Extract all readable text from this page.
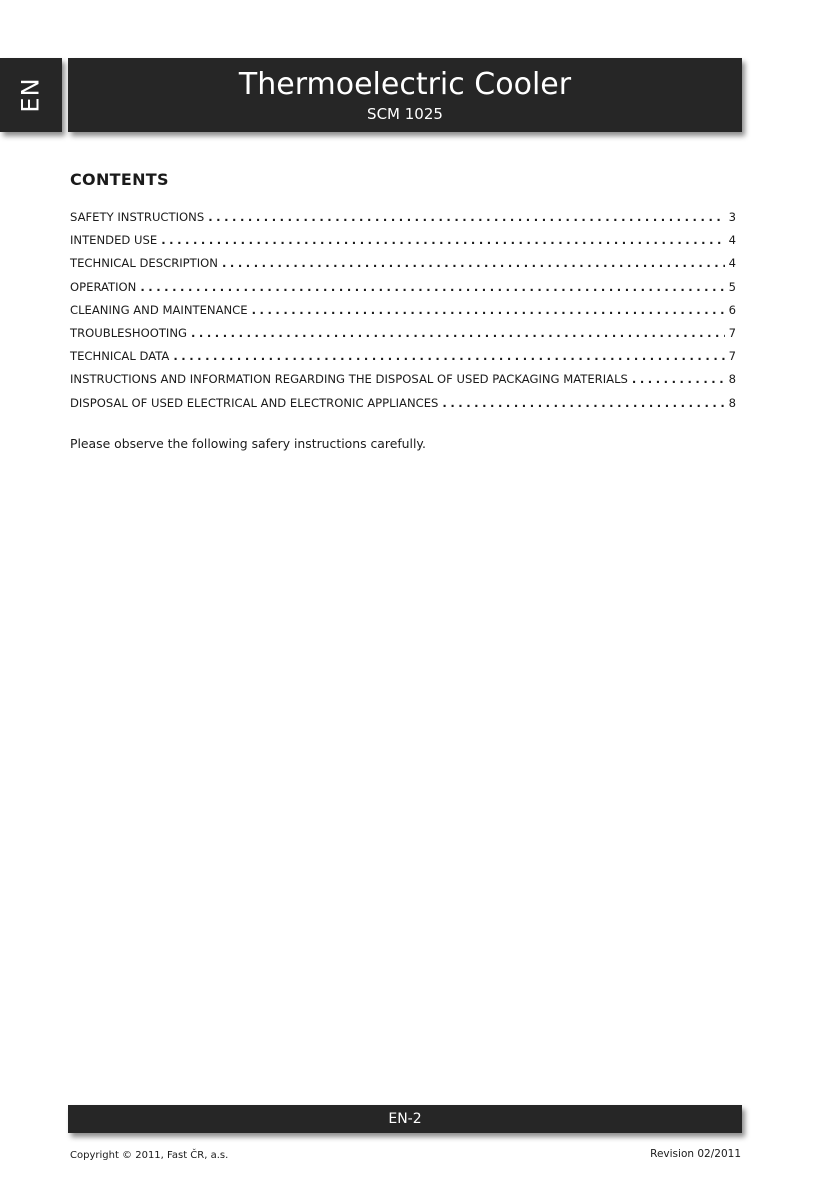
EN	Thermoelectric Cooler
SCM 1025
CONTENTS
SAFETY INSTRUCTIONS . . .	3
INTENDED USE . . .	4
TECHNICAL DESCRIPTION . . .	4
OPERATION . . .	5
CLEANING AND MAINTENANCE . . .	6
TROUBLESHOOTING . . .	7
TECHNICAL DATA . . .	7
INSTRUCTIONS AND INFORMATION REGARDING THE DISPOSAL OF USED PACKAGING MATERIALS . . .	8
DISPOSAL OF USED ELECTRICAL AND ELECTRONIC APPLIANCES . . .	8

Please observe the following safery instructions carefully.

EN-2
Copyright © 2011, Fast ČR, a.s.	Revision 02/2011
